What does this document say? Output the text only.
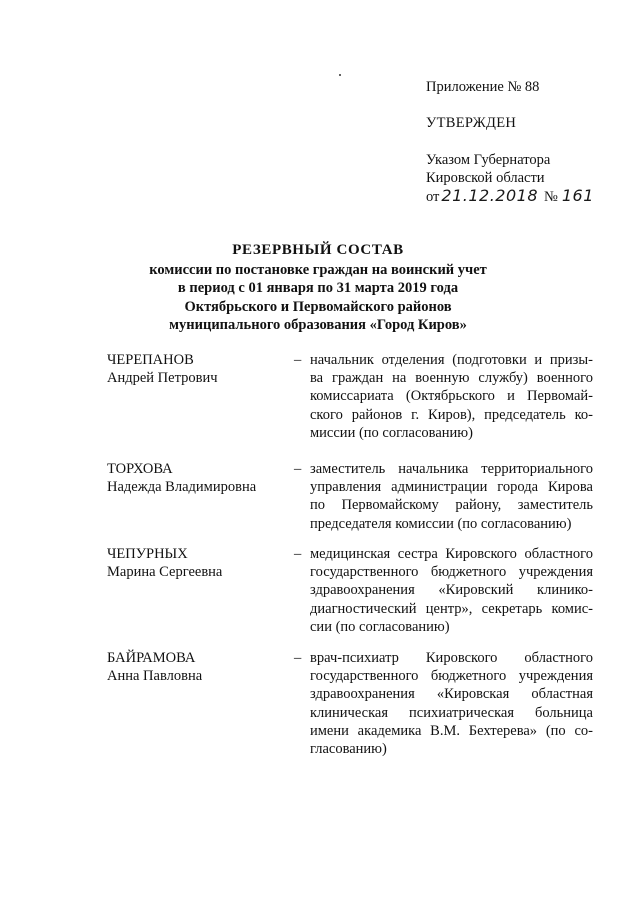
Приложение № 88
УТВЕРЖДЕН
Указом Губернатора
Кировской области
от 21.12.2018 № 161
РЕЗЕРВНЫЙ СОСТАВ
комиссии по постановке граждан на воинский учет
в период с 01 января по 31 марта 2019 года
Октябрьского и Первомайского районов
муниципального образования «Город Киров»
ЧЕРЕПАНОВ
Андрей Петрович
– начальник отделения (подготовки и призы-
ва граждан на военную службу) военного
комиссариата (Октябрьского и Первомай-
ского районов г. Киров), председатель ко-
миссии (по согласованию)
ТОРХОВА
Надежда Владимировна
– заместитель начальника территориального
управления администрации города Кирова
по Первомайскому району, заместитель
председателя комиссии (по согласованию)
ЧЕПУРНЫХ
Марина Сергеевна
– медицинская сестра Кировского областного
государственного бюджетного учреждения
здравоохранения «Кировский клинико-
диагностический центр», секретарь комис-
сии (по согласованию)
БАЙРАМОВА
Анна Павловна
– врач-психиатр Кировского областного
государственного бюджетного учреждения
здравоохранения «Кировская областная
клиническая психиатрическая больница
имени академика В.М. Бехтерева» (по со-
гласованию)
